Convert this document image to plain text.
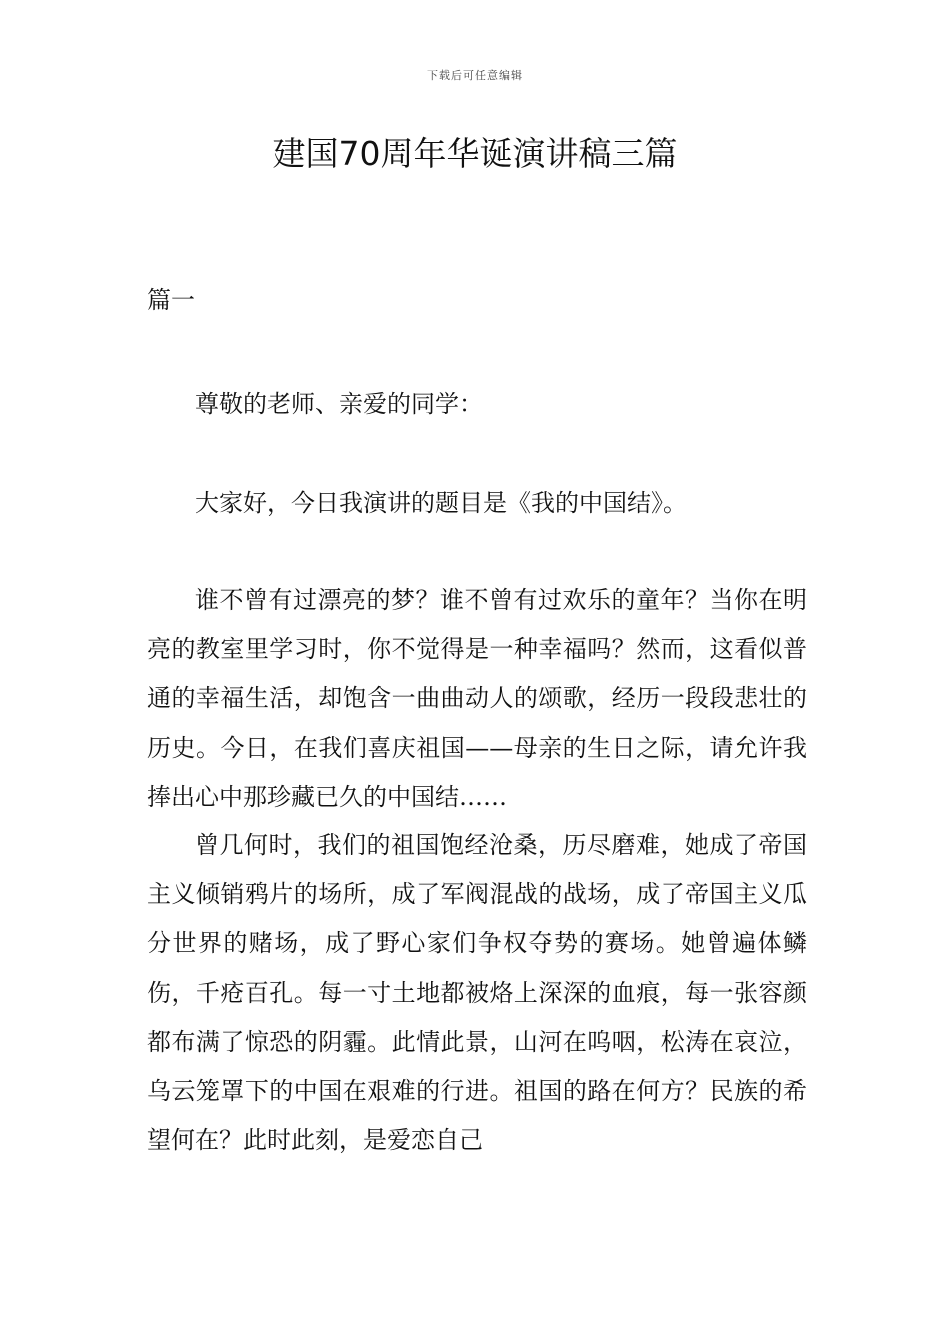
下载后可任意编辑
建国70周年华诞演讲稿三篇

篇一

尊敬的老师、亲爱的同学：

大家好，今日我演讲的题目是《我的中国结》。

谁不曾有过漂亮的梦？谁不曾有过欢乐的童年？当你在明亮的教室里学习时，你不觉得是一种幸福吗？然而，这看似普通的幸福生活，却饱含一曲曲动人的颂歌，经历一段段悲壮的历史。今日，在我们喜庆祖国——母亲的生日之际，请允许我捧出心中那珍藏已久的中国结……

曾几何时，我们的祖国饱经沧桑，历尽磨难，她成了帝国主义倾销鸦片的场所，成了军阀混战的战场，成了帝国主义瓜分世界的赌场，成了野心家们争权夺势的赛场。她曾遍体鳞伤，千疮百孔。每一寸土地都被烙上深深的血痕，每一张容颜都布满了惊恐的阴霾。此情此景，山河在呜咽，松涛在哀泣，乌云笼罩下的中国在艰难的行进。祖国的路在何方？民族的希望何在？此时此刻，是爱恋自己
